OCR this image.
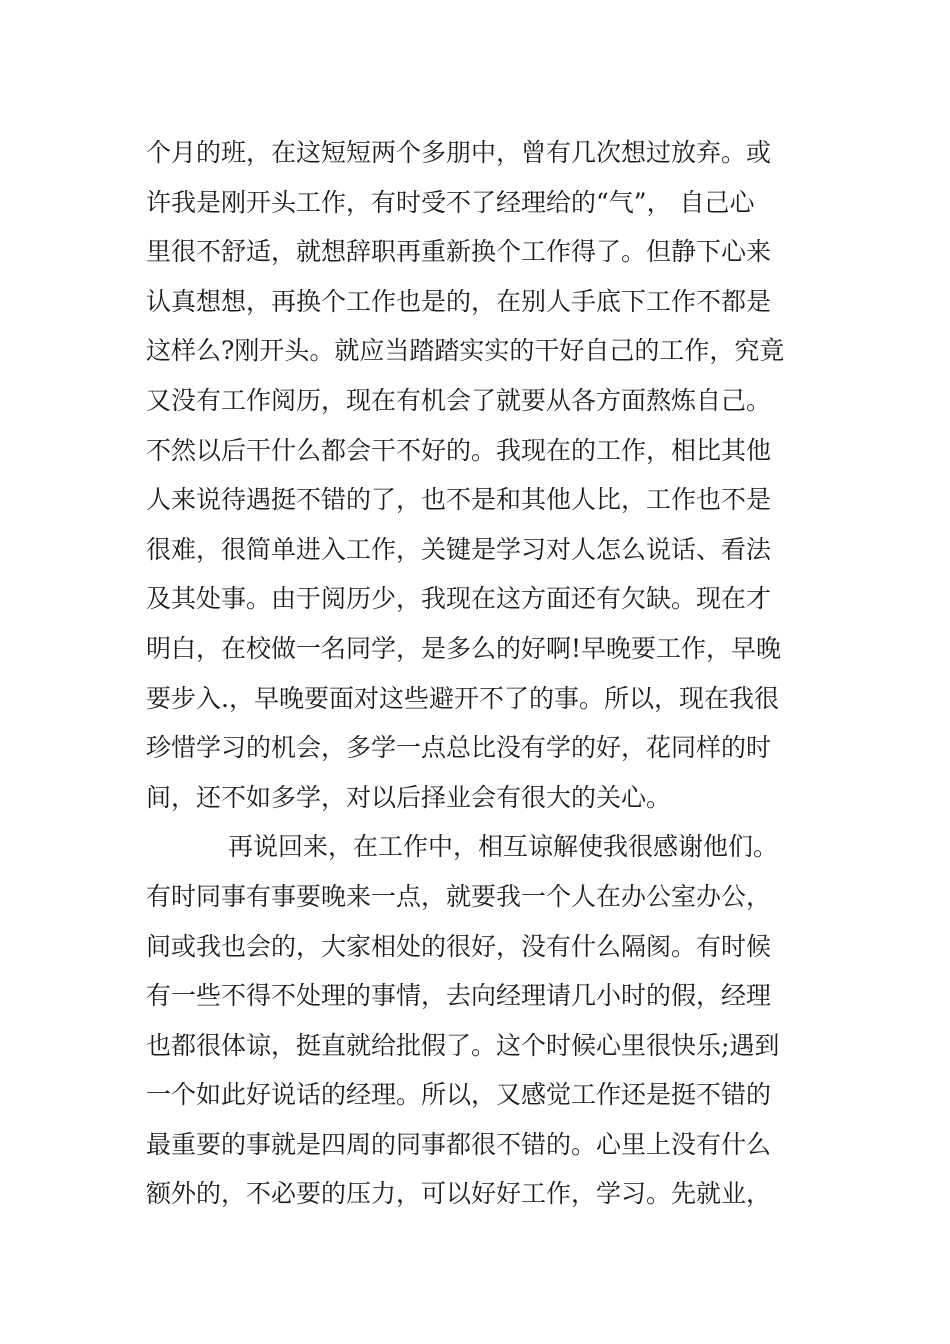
个月的班，在这短短两个多朋中，曾有几次想过放弃。或
许我是刚开头工作，有时受不了经理给的“气”， 自己心
里很不舒适，就想辞职再重新换个工作得了。但静下心来
认真想想，再换个工作也是的，在别人手底下工作不都是
这样么?刚开头。就应当踏踏实实的干好自己的工作，究竟
又没有工作阅历，现在有机会了就要从各方面熬炼自己。
不然以后干什么都会干不好的。我现在的工作，相比其他
人来说待遇挺不错的了，也不是和其他人比，工作也不是
很难，很简单进入工作，关键是学习对人怎么说话、看法
及其处事。由于阅历少，我现在这方面还有欠缺。现在才
明白，在校做一名同学，是多么的好啊!早晚要工作，早晚
要步入.，早晚要面对这些避开不了的事。所以，现在我很
珍惜学习的机会，多学一点总比没有学的好，花同样的时
间，还不如多学，对以后择业会有很大的关心。
再说回来，在工作中，相互谅解使我很感谢他们。
有时同事有事要晚来一点，就要我一个人在办公室办公，
间或我也会的，大家相处的很好，没有什么隔阂。有时候
有一些不得不处理的事情，去向经理请几小时的假，经理
也都很体谅，挺直就给批假了。这个时候心里很快乐;遇到
一个如此好说话的经理。所以，又感觉工作还是挺不错的
最重要的事就是四周的同事都很不错的。心里上没有什么
额外的，不必要的压力，可以好好工作，学习。先就业，
